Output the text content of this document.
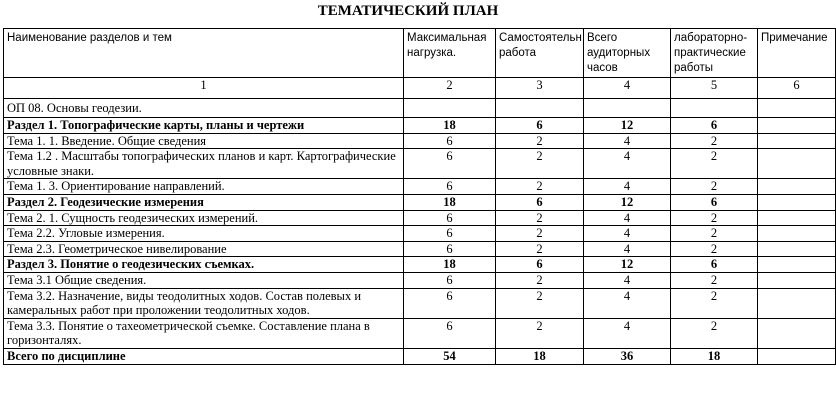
ТЕМАТИЧЕСКИЙ ПЛАН
Наименование разделов и тем	Максимальная нагрузка.	Самостоятельн. работа	Всего аудиторных часов	лабораторно-практические работы	Примечание
1	2	3	4	5	6
ОП 08. Основы геодезии.					
Раздел 1. Топографические карты, планы и чертежи	18	6	12	6	
Тема 1. 1. Введение. Общие сведения	6	2	4	2	
Тема 1.2 . Масштабы топографических планов и карт. Картографические условные знаки.	6	2	4	2	
Тема 1. 3. Ориентирование направлений.	6	2	4	2	
Раздел 2. Геодезические измерения	18	6	12	6	
Тема 2. 1. Сущность геодезических измерений.	6	2	4	2	
Тема 2.2. Угловые измерения.	6	2	4	2	
Тема 2.3. Геометрическое нивелирование	6	2	4	2	
Раздел 3. Понятие о геодезических съемках.	18	6	12	6	
Тема 3.1 Общие сведения.	6	2	4	2	
Тема 3.2. Назначение, виды теодолитных ходов. Состав полевых и камеральных работ при проложении теодолитных ходов.	6	2	4	2	
Тема 3.3. Понятие о тахеометрической съемке. Составление плана в горизонталях.	6	2	4	2	
Всего по дисциплине	54	18	36	18	
